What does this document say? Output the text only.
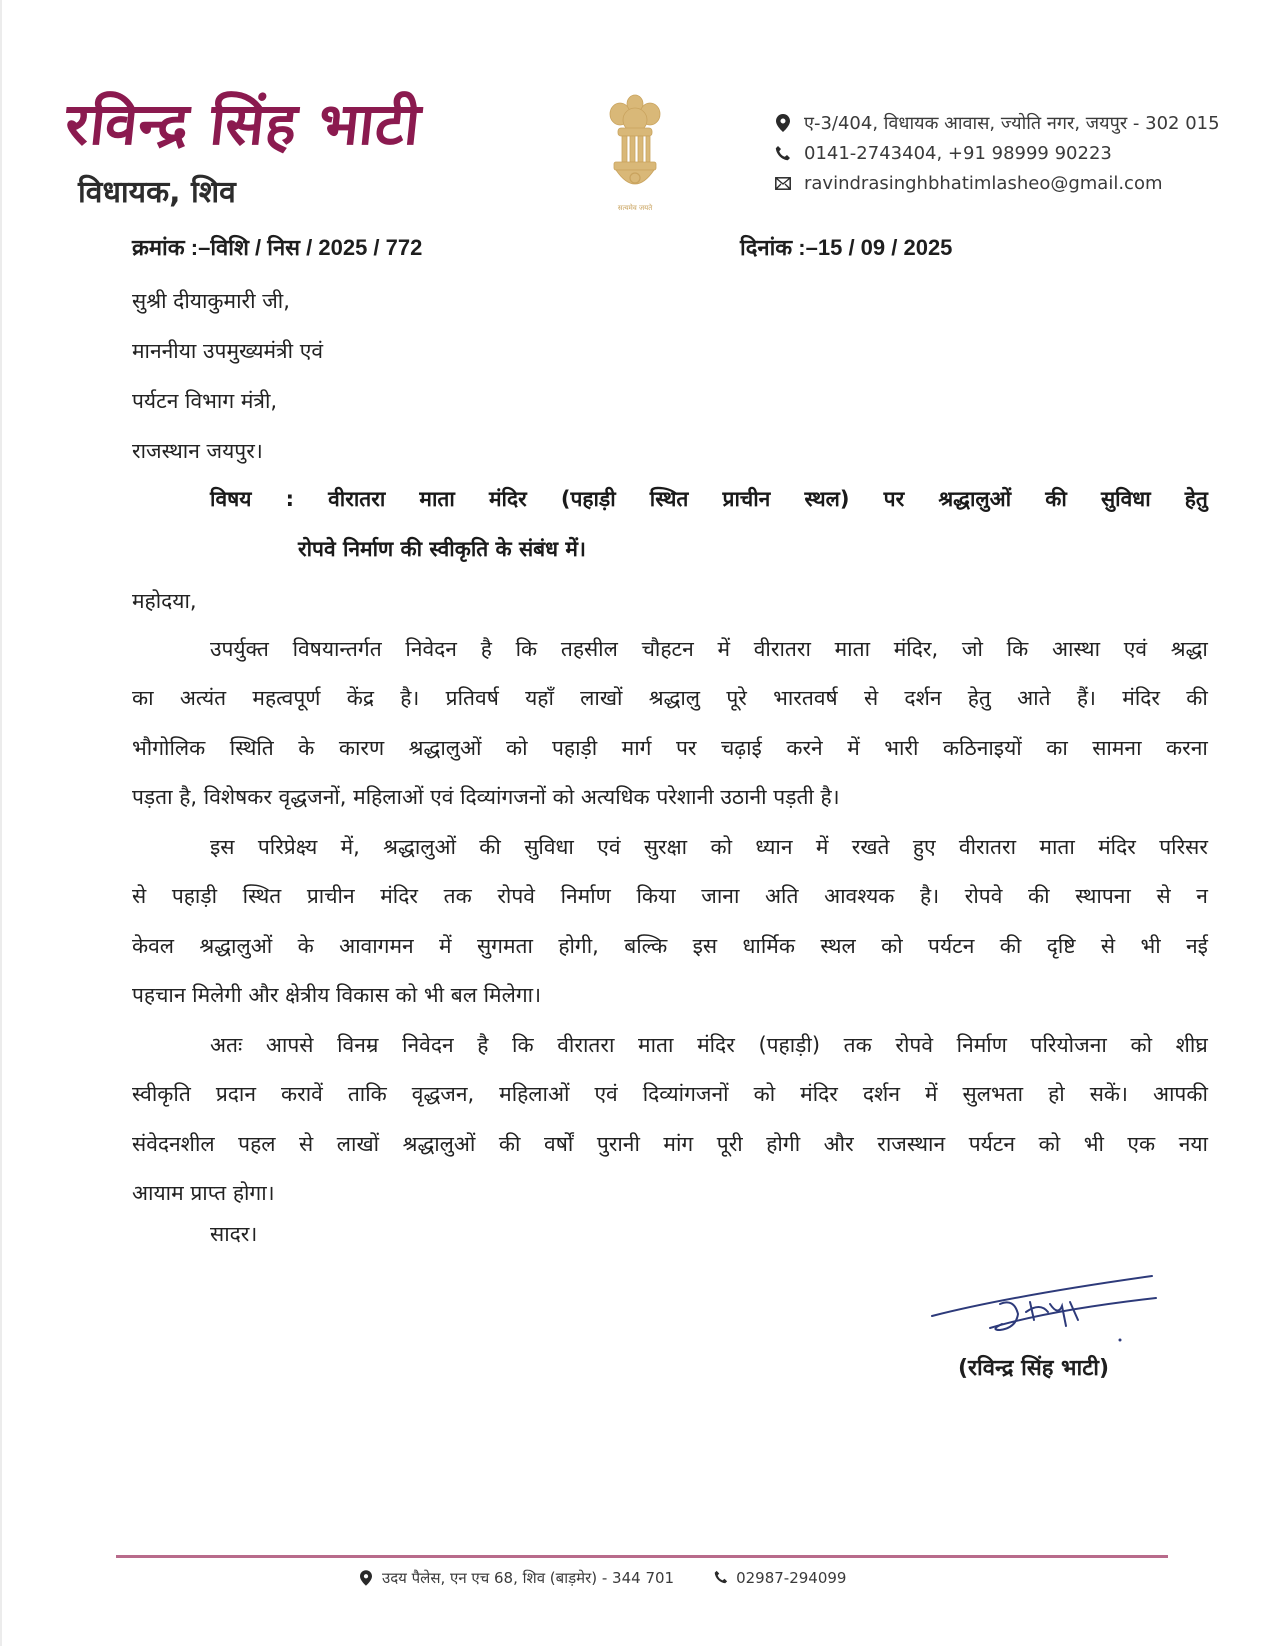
रविन्द्र सिंह भाटी
विधायक, शिव	सत्यमेव जयते
ए-3/404, विधायक आवास, ज्योति नगर, जयपुर - 302 015
0141-2743404, +91 98999 90223
ravindrasinghbhatimlasheo@gmail.com
क्रमांक :–विशि / निस / 2025 / 772	दिनांक :–15 / 09 / 2025
सुश्री दीयाकुमारी जी,
माननीया उपमुख्यमंत्री एवं
पर्यटन विभाग मंत्री,
राजस्थान जयपुर।
विषय : वीरातरा माता मंदिर (पहाड़ी स्थित प्राचीन स्थल) पर श्रद्धालुओं की सुविधा हेतु
रोपवे निर्माण की स्वीकृति के संबंध में।
महोदया,
उपर्युक्त विषयान्तर्गत निवेदन है कि तहसील चौहटन में वीरातरा माता मंदिर, जो कि आस्था एवं श्रद्धा
का अत्यंत महत्वपूर्ण केंद्र है। प्रतिवर्ष यहाँ लाखों श्रद्धालु पूरे भारतवर्ष से दर्शन हेतु आते हैं। मंदिर की
भौगोलिक स्थिति के कारण श्रद्धालुओं को पहाड़ी मार्ग पर चढ़ाई करने में भारी कठिनाइयों का सामना करना
पड़ता है, विशेषकर वृद्धजनों, महिलाओं एवं दिव्यांगजनों को अत्यधिक परेशानी उठानी पड़ती है।
इस परिप्रेक्ष्य में, श्रद्धालुओं की सुविधा एवं सुरक्षा को ध्यान में रखते हुए वीरातरा माता मंदिर परिसर
से पहाड़ी स्थित प्राचीन मंदिर तक रोपवे निर्माण किया जाना अति आवश्यक है। रोपवे की स्थापना से न
केवल श्रद्धालुओं के आवागमन में सुगमता होगी, बल्कि इस धार्मिक स्थल को पर्यटन की दृष्टि से भी नई
पहचान मिलेगी और क्षेत्रीय विकास को भी बल मिलेगा।
अतः आपसे विनम्र निवेदन है कि वीरातरा माता मंदिर (पहाड़ी) तक रोपवे निर्माण परियोजना को शीघ्र
स्वीकृति प्रदान करावें ताकि वृद्धजन, महिलाओं एवं दिव्यांगजनों को मंदिर दर्शन में सुलभता हो सकें। आपकी
संवेदनशील पहल से लाखों श्रद्धालुओं की वर्षों पुरानी मांग पूरी होगी और राजस्थान पर्यटन को भी एक नया
आयाम प्राप्त होगा।
सादर।
(रविन्द्र सिंह भाटी)
उदय पैलेस, एन एच 68, शिव (बाड़मेर) - 344 701	02987-294099
